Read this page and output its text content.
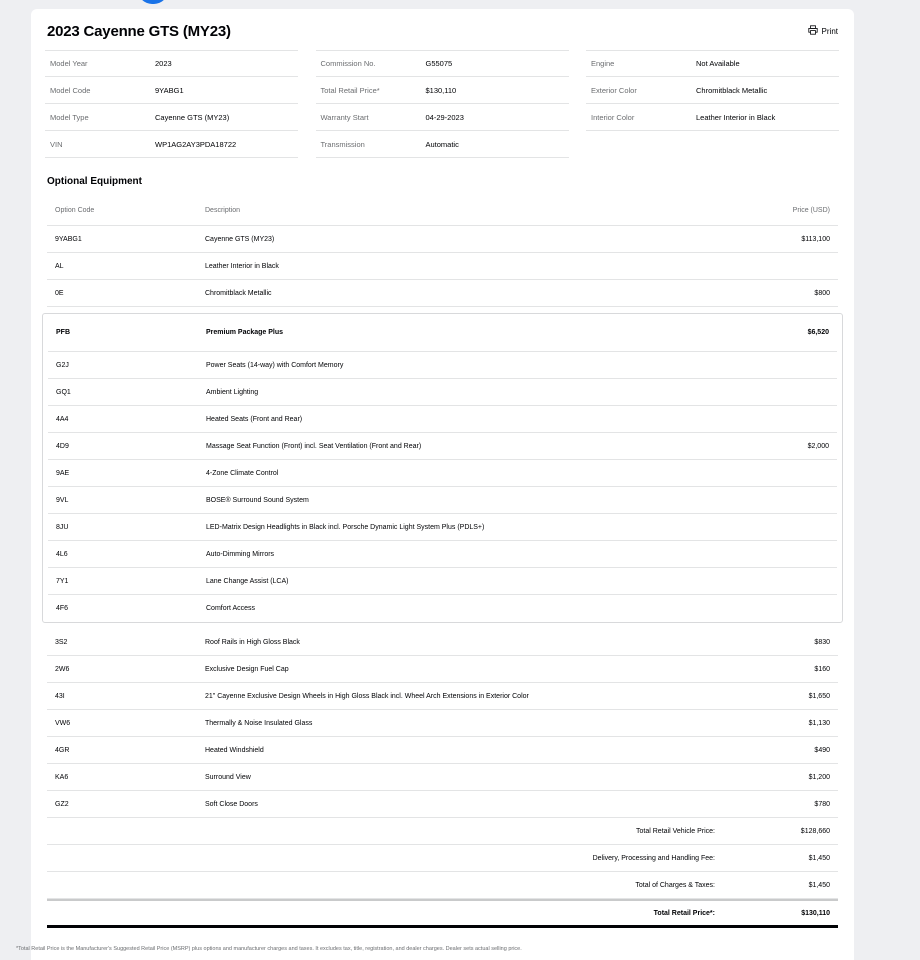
2023 Cayenne GTS (MY23)	Print
Model Year	2023
Model Code	9YABG1
Model Type	Cayenne GTS (MY23)
VIN	WP1AG2AY3PDA18722
Commission No.	G55075
Total Retail Price*	$130,110
Warranty Start	04-29-2023
Transmission	Automatic
Engine	Not Available
Exterior Color	Chromitblack Metallic
Interior Color	Leather Interior in Black
Optional Equipment
Option Code	Description	Price (USD)
9YABG1	Cayenne GTS (MY23)	$113,100
AL	Leather Interior in Black
0E	Chromitblack Metallic	$800
PFB	Premium Package Plus	$6,520
G2J	Power Seats (14-way) with Comfort Memory
GQ1	Ambient Lighting
4A4	Heated Seats (Front and Rear)
4D9	Massage Seat Function (Front) incl. Seat Ventilation (Front and Rear)	$2,000
9AE	4-Zone Climate Control
9VL	BOSE® Surround Sound System
8JU	LED-Matrix Design Headlights in Black incl. Porsche Dynamic Light System Plus (PDLS+)
4L6	Auto-Dimming Mirrors
7Y1	Lane Change Assist (LCA)
4F6	Comfort Access
3S2	Roof Rails in High Gloss Black	$830
2W6	Exclusive Design Fuel Cap	$160
43I	21" Cayenne Exclusive Design Wheels in High Gloss Black incl. Wheel Arch Extensions in Exterior Color	$1,650
VW6	Thermally & Noise Insulated Glass	$1,130
4GR	Heated Windshield	$490
KA6	Surround View	$1,200
GZ2	Soft Close Doors	$780
Total Retail Vehicle Price:	$128,660
Delivery, Processing and Handling Fee:	$1,450
Total of Charges & Taxes:	$1,450
Total Retail Price*:	$130,110
*Total Retail Price is the Manufacturer's Suggested Retail Price (MSRP) plus options and manufacturer charges and taxes. It excludes tax, title, registration, and dealer charges. Dealer sets actual selling price.
